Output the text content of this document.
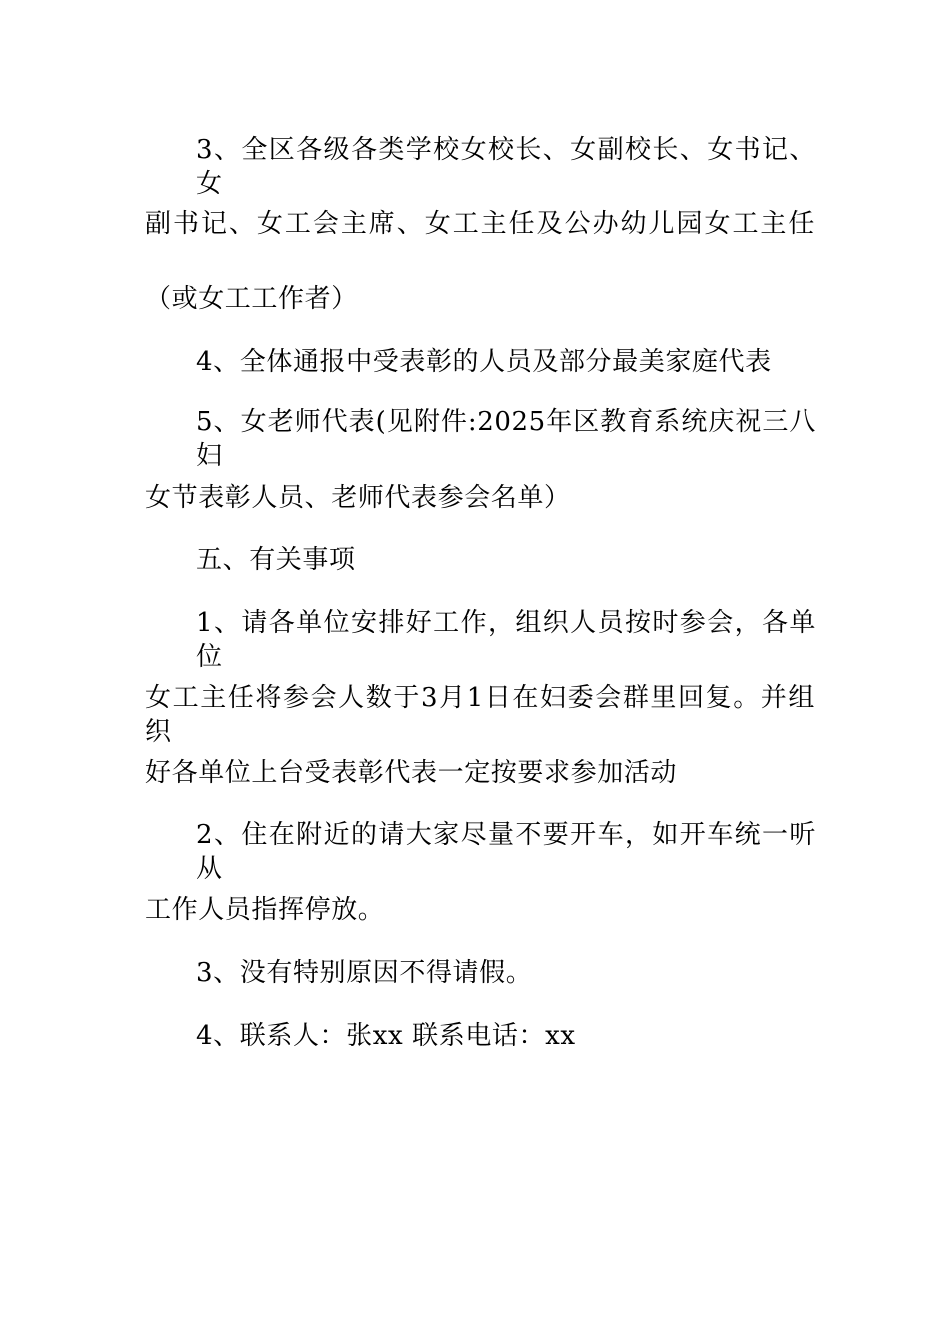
3、全区各级各类学校女校长、女副校长、女书记、女
副书记、女工会主席、女工主任及公办幼儿园女工主任
（或女工工作者）
4、全体通报中受表彰的人员及部分最美家庭代表
5、女老师代表(见附件:2025年区教育系统庆祝三八妇
女节表彰人员、老师代表参会名单）
五、有关事项
1、请各单位安排好工作，组织人员按时参会，各单位
女工主任将参会人数于3月1日在妇委会群里回复。并组织
好各单位上台受表彰代表一定按要求参加活动
2、住在附近的请大家尽量不要开车，如开车统一听从
工作人员指挥停放。
3、没有特别原因不得请假。
4、联系人：张xx 联系电话：xx
